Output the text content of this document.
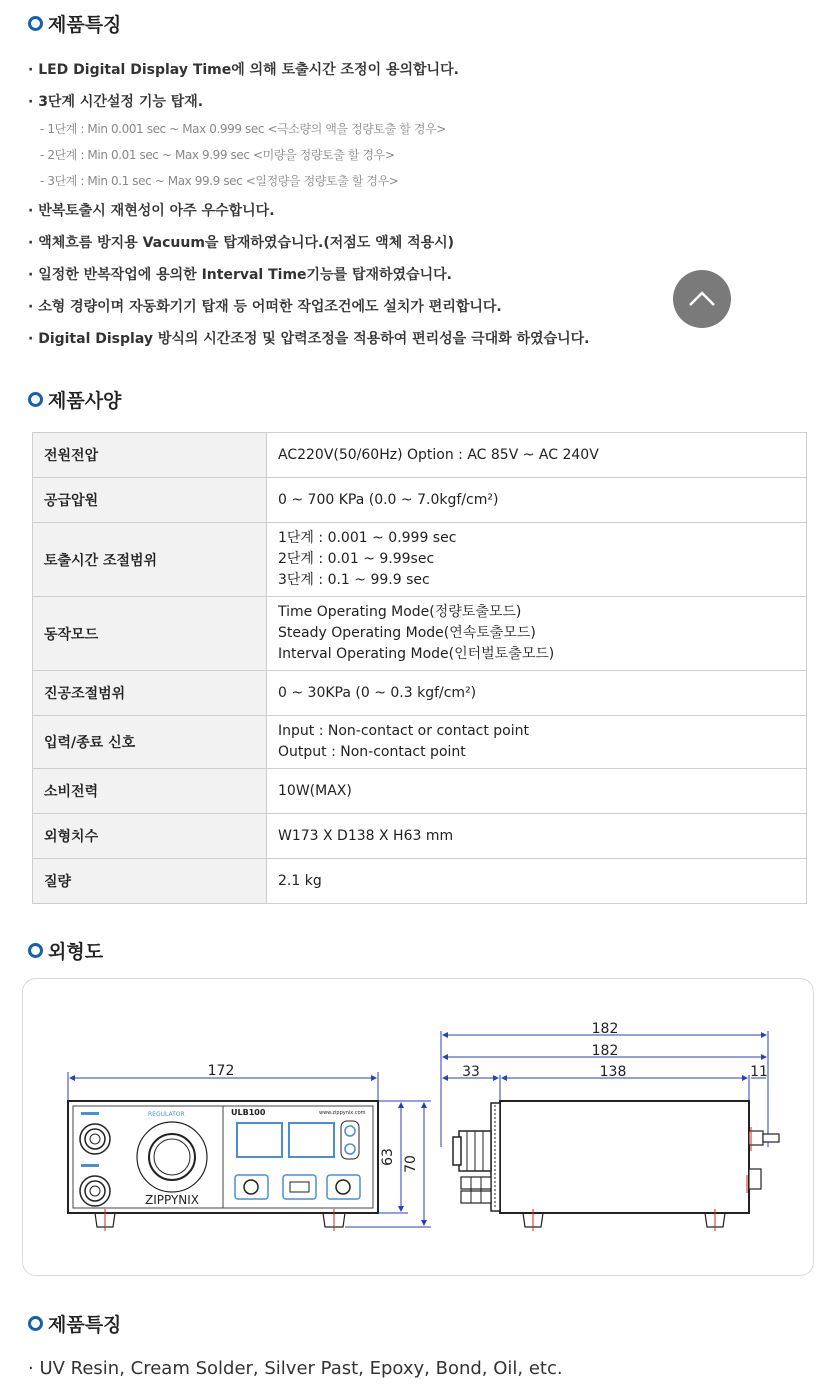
제품특징
· LED Digital Display Time에 의해 토출시간 조정이 용의합니다.
· 3단계 시간설정 기능 탑재.
- 1단계 : Min 0.001 sec ~ Max 0.999 sec <극소량의 액을 정량토출 할 경우>
- 2단계 : Min 0.01 sec ~ Max 9.99 sec <미량을 정량토출 할 경우>
- 3단계 : Min 0.1 sec ~ Max 99.9 sec <일정량을 정량토출 할 경우>
· 반복토출시 재현성이 아주 우수합니다.
· 액체흐름 방지용 Vacuum을 탑재하였습니다.(저점도 액체 적용시)
· 일정한 반복작업에 용의한 Interval Time기능를 탑재하였습니다.
· 소형 경량이며 자동화기기 탑재 등 어떠한 작업조건에도 설치가 편리합니다.
· Digital Display 방식의 시간조정 및 압력조정을 적용하여 편리성을 극대화 하였습니다.
제품사양
전원전압	AC220V(50/60Hz) Option : AC 85V ~ AC 240V

공급압원	0 ~ 700 KPa (0.0 ~ 7.0kgf/cm²)

토출시간 조절범위	1단계 : 0.001 ~ 0.999 sec
2단계 : 0.01 ~ 9.99sec
3단계 : 0.1 ~ 99.9 sec

동작모드	Time Operating Mode(정량토출모드)
Steady Operating Mode(연속토출모드)
Interval Operating Mode(인터벌토출모드)

진공조절범위	0 ~ 30KPa (0 ~ 0.3 kgf/cm²)

입력/종료 신호	Input : Non-contact or contact point
Output : Non-contact point

소비전력	10W(MAX)

외형치수	W173 X D138 X H63 mm

질량	2.1 kg
외형도
172
REGULATOR	ULB100	www.zippynix.com
ZIPPYNIX
63 70
182
182
33	138	11
제품특징

· UV Resin, Cream Solder, Silver Past, Epoxy, Bond, Oil, etc.
